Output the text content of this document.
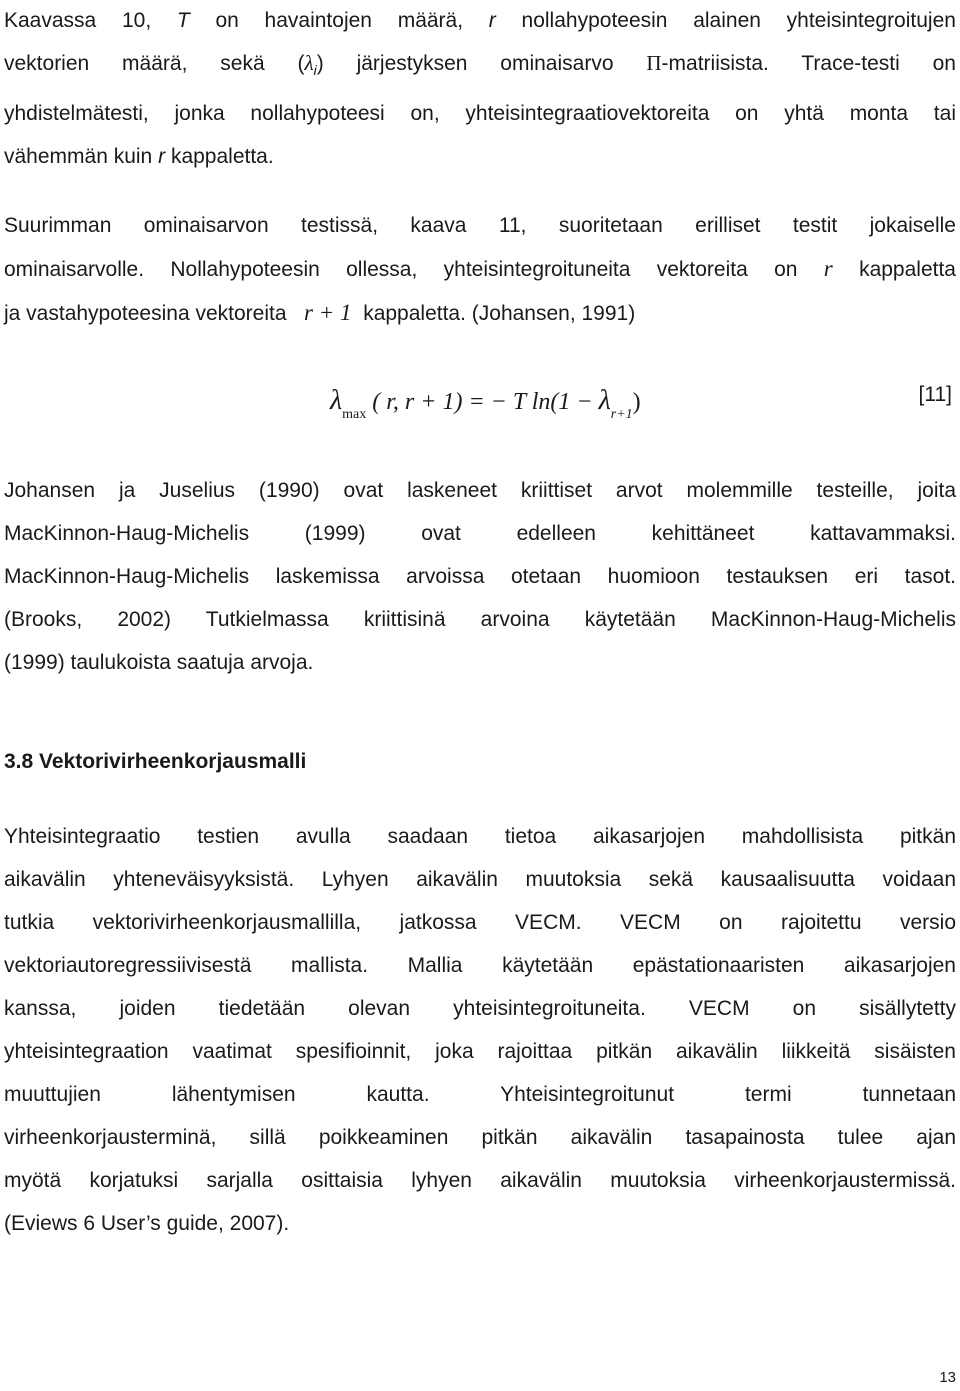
Kaavassa 10, T on havaintojen määrä, r nollahypoteesin alainen yhteisintegroitujen
vektorien määrä, sekä $(\lambda_i)$ järjestyksen ominaisarvo Π-matriisista. Trace-testi on
yhdistelmätesti, jonka nollahypoteesi on, yhteisintegraatiovektoreita on yhtä monta tai
vähemmän kuin r kappaletta.

Suurimman ominaisarvon testissä, kaava 11, suoritetaan erilliset testit jokaiselle
ominaisarvolle. Nollahypoteesin ollessa, yhteisintegroituneita vektoreita on r kappaletta
ja vastahypoteesina vektoreita r + 1 kappaletta. (Johansen, 1991)

$\lambda_{max}$ ( r, r + 1) = − T $\ln(1 - \lambda_{r+1})$	[11]

Johansen ja Juselius (1990) ovat laskeneet kriittiset arvot molemmille testeille, joita
MacKinnon-Haug-Michelis (1999) ovat edelleen kehittäneet kattavammaksi.
MacKinnon-Haug-Michelis laskemissa arvoissa otetaan huomioon testauksen eri tasot.
(Brooks, 2002) Tutkielmassa kriittisinä arvoina käytetään MacKinnon-Haug-Michelis
(1999) taulukoista saatuja arvoja.

3.8 Vektorivirheenkorjausmalli

Yhteisintegraatio testien avulla saadaan tietoa aikasarjojen mahdollisista pitkän
aikavälin yhteneväisyyksistä. Lyhyen aikavälin muutoksia sekä kausaalisuutta voidaan
tutkia vektorivirheenkorjausmallilla, jatkossa VECM. VECM on rajoitettu versio
vektoriautoregressiivisestä mallista. Mallia käytetään epästationaaristen aikasarjojen
kanssa, joiden tiedetään olevan yhteisintegroituneita. VECM on sisällytetty
yhteisintegraation vaatimat spesifioinnit, joka rajoittaa pitkän aikavälin liikkeitä sisäisten
muuttujien lähentymisen kautta. Yhteisintegroitunut termi tunnetaan
virheenkorjausterminä, sillä poikkeaminen pitkän aikavälin tasapainosta tulee ajan
myötä korjatuksi sarjalla osittaisia lyhyen aikavälin muutoksia virheenkorjaustermissä.
(Eviews 6 User’s guide, 2007).

13
